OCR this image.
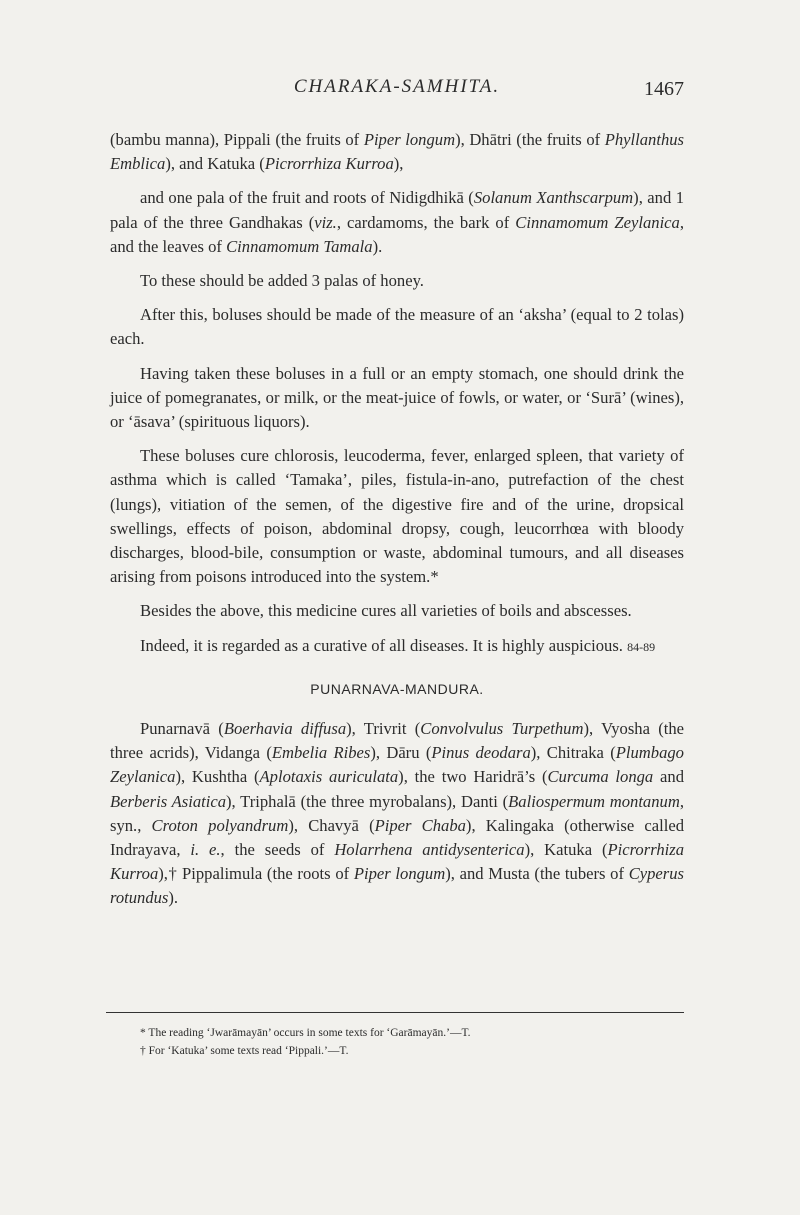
CHARAKA-SAMHITA.	1467

(bambu manna), Pippali (the fruits of Piper longum), Dhātri (the fruits of Phyllanthus Emblica), and Katuka (Picrorrhiza Kurroa),

and one pala of the fruit and roots of Nidigdhikā (Solanum Xanthscarpum), and 1 pala of the three Gandhakas (viz., cardamoms, the bark of Cinnamomum Zeylanica, and the leaves of Cinnamomum Tamala).

To these should be added 3 palas of honey.

After this, boluses should be made of the measure of an ‘aksha’ (equal to 2 tolas) each.

Having taken these boluses in a full or an empty stomach, one should drink the juice of pomegranates, or milk, or the meat-juice of fowls, or water, or ‘Surā’ (wines), or ‘āsava’ (spirituous liquors).

These boluses cure chlorosis, leucoderma, fever, enlarged spleen, that variety of asthma which is called ‘Tamaka’, piles, fistula-in-ano, putrefaction of the chest (lungs), vitiation of the semen, of the digestive fire and of the urine, dropsical swellings, effects of poison, abdominal dropsy, cough, leucorrhœa with bloody discharges, blood-bile, consumption or waste, abdominal tumours, and all diseases arising from poisons introduced into the system.*

Besides the above, this medicine cures all varieties of boils and abscesses.

Indeed, it is regarded as a curative of all diseases. It is highly auspicious. 84-89

PUNARNAVA-MANDURA.

Punarnavā (Boerhavia diffusa), Trivrit (Convolvulus Turpethum), Vyosha (the three acrids), Vidanga (Embelia Ribes), Dāru (Pinus deodara), Chitraka (Plumbago Zeylanica), Kushtha (Aplotaxis auriculata), the two Haridrā’s (Curcuma longa and Berberis Asiatica), Triphalā (the three myrobalans), Danti (Baliospermum montanum, syn., Croton polyandrum), Chavyā (Piper Chaba), Kalingaka (otherwise called Indrayava, i. e., the seeds of Holarrhena antidysenterica), Katuka (Picrorrhiza Kurroa),† Pippalimula (the roots of Piper longum), and Musta (the tubers of Cyperus rotundus).

* The reading ‘Jwarāmayān’ occurs in some texts for ‘Garāmayān.’—T.
† For ‘Katuka’ some texts read ‘Pippali.’—T.
